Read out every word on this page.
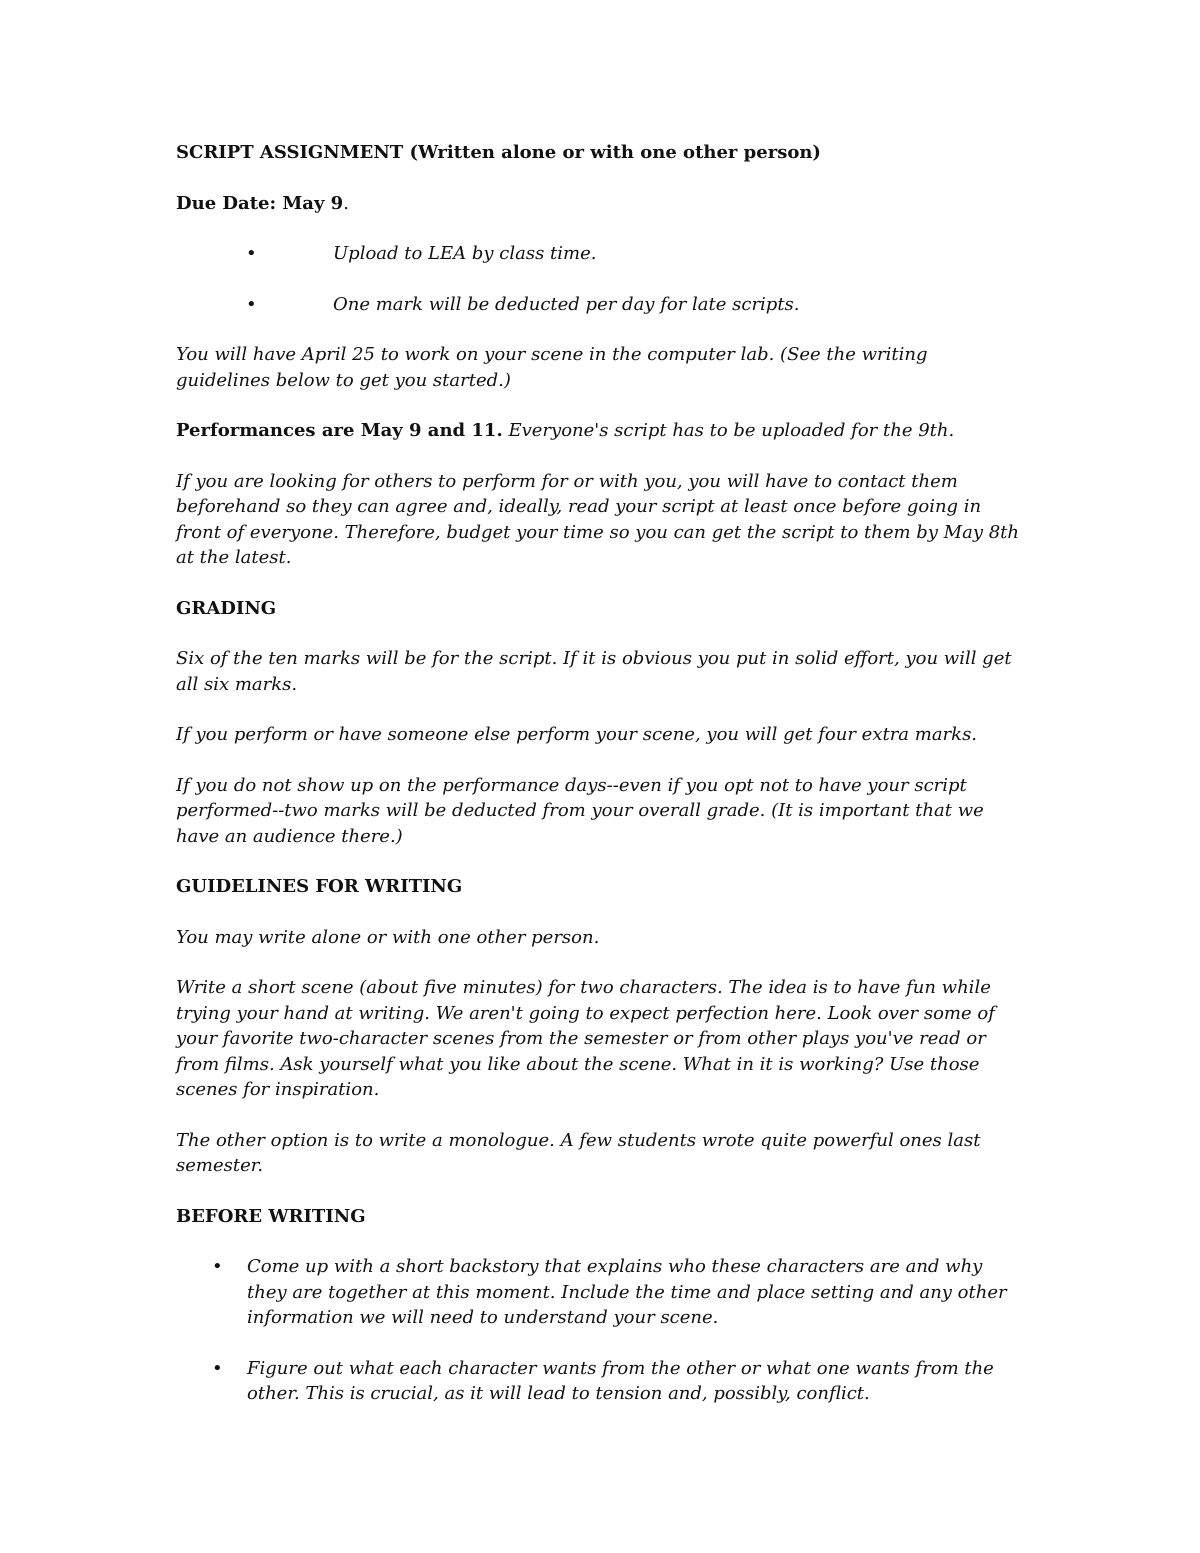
SCRIPT ASSIGNMENT (Written alone or with one other person)

Due Date: May 9.

•	Upload to LEA by class time.
•	One mark will be deducted per day for late scripts.

You will have April 25 to work on your scene in the computer lab. (See the writing guidelines below to get you started.)

Performances are May 9 and 11. Everyone's script has to be uploaded for the 9th.

If you are looking for others to perform for or with you, you will have to contact them beforehand so they can agree and, ideally, read your script at least once before going in front of everyone. Therefore, budget your time so you can get the script to them by May 8th at the latest.

GRADING

Six of the ten marks will be for the script. If it is obvious you put in solid effort, you will get all six marks.

If you perform or have someone else perform your scene, you will get four extra marks.

If you do not show up on the performance days--even if you opt not to have your script performed--two marks will be deducted from your overall grade. (It is important that we have an audience there.)

GUIDELINES FOR WRITING

You may write alone or with one other person.

Write a short scene (about five minutes) for two characters. The idea is to have fun while trying your hand at writing. We aren't going to expect perfection here. Look over some of your favorite two-character scenes from the semester or from other plays you've read or from films. Ask yourself what you like about the scene. What in it is working? Use those scenes for inspiration.

The other option is to write a monologue. A few students wrote quite powerful ones last semester.

BEFORE WRITING

• Come up with a short backstory that explains who these characters are and why they are together at this moment. Include the time and place setting and any other information we will need to understand your scene.
• Figure out what each character wants from the other or what one wants from the other. This is crucial, as it will lead to tension and, possibly, conflict.
